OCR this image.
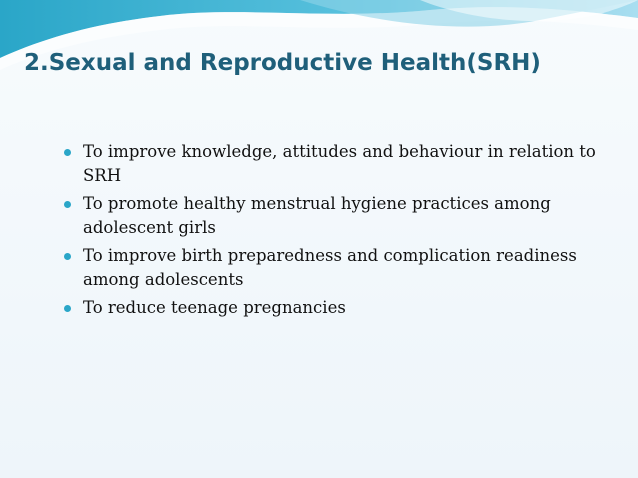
2.Sexual and Reproductive Health(SRH)
To improve knowledge, attitudes and behaviour in relation to SRH
To promote healthy menstrual hygiene practices among adolescent girls
To improve birth preparedness and complication readiness among adolescents
To reduce teenage pregnancies
